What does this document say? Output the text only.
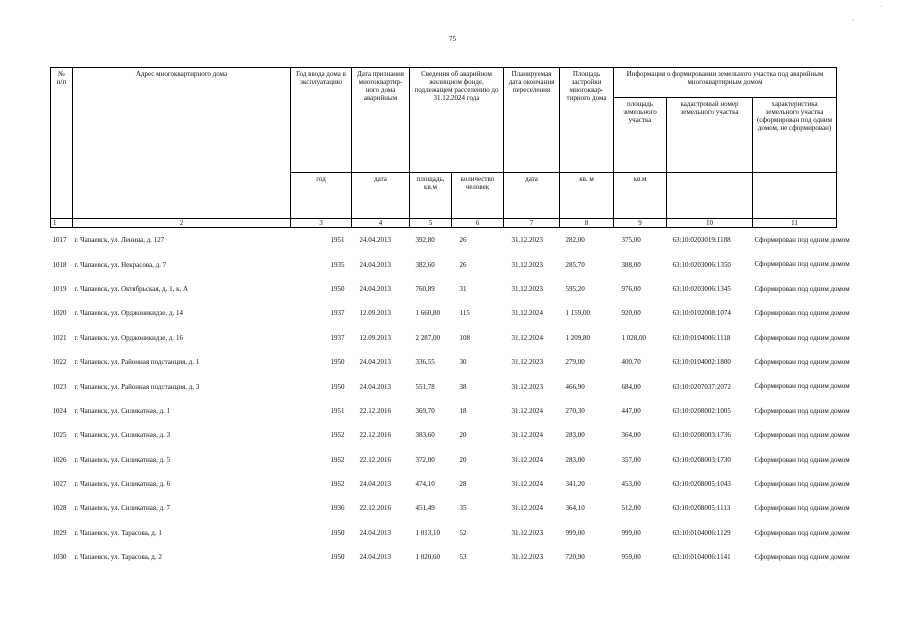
75
№
п/п	Адрес многоквартирного дома	Год ввода дома в эксплуатацию	Дата признания многоквартир-ного дома аварийным	Сведения об аварийном жилищном фонде, подлежащем расселению до 31.12.2024 года		Планируемая дата окончания переселения	Площадь застройки многоквар-тирного дома	Информация о формировании земельного участка под аварийным многоквартирным домом		
								площадь земельного участка	кадастровый номер земельного участка	характеристика земельного участка (сформирован под одним домом, не сформирован)
		год	дата	площадь, кв.м	количество человек	дата	кв. м	кв.м		
1	2	3	4	5	6	7	8	9	10	11
1017	г. Чапаевск, ул. Ленина, д. 127	1951	24.04.2013	392,80	26	31.12.2023	282,00	375,00	63:10:0203019:1188	Сформирован под одним домом
1018	г. Чапаевск, ул. Некрасова, д. 7	1935	24.04.2013	382,60	26	31.12.2023	285,70	388,00	63:10:0203006:1350	Сформирован под одним домом
1019	г. Чапаевск, ул. Октябрьская, д. 1, к. А	1950	24.04.2013	760,89	31	31.12.2023	595,20	976,00	63:10:0203006:1345	Сформирован под одним домом
1020	г. Чапаевск, ул. Орджоникидзе, д. 14	1937	12.09.2013	1 660,80	115	31.12.2024	1 159,00	920,00	63:10:0102008:1074	Сформирован под одним домом
1021	г. Чапаевск, ул. Орджоникидзе, д. 16	1937	12.09.2013	2 287,00	108	31.12.2024	1 209,80	1 028,00	63:10:0104006:1118	Сформирован под одним домом
1022	г. Чапаевск, ул. Районная подстанция, д. 1	1950	24.04.2013	336,55	30	31.12.2023	279,00	400,70	63:10:0104002:1800	Сформирован под одним домом
1023	г. Чапаевск, ул. Районная подстанция, д. 3	1950	24.04.2013	551,78	38	31.12.2023	466,90	684,00	63:10:0207037:2072	Сформирован под одним домом
1024	г. Чапаевск, ул. Силикатная, д. 1	1951	22.12.2016	369,70	18	31.12.2024	270,30	447,00	63:10:0208002:1005	Сформирован под одним домом
1025	г. Чапаевск, ул. Силикатная, д. 3	1952	22.12.2016	383,60	20	31.12.2024	283,00	364,00	63:10:0208003:1736	Сформирован под одним домом
1026	г. Чапаевск, ул. Силикатная, д. 5	1952	22.12.2016	372,00	20	31.12.2024	283,00	357,00	63:10:0208003:1730	Сформирован под одним домом
1027	г. Чапаевск, ул. Силикатная, д. 6	1952	24.04.2013	474,10	28	31.12.2024	341,20	453,00	63:10:0208005:1043	Сформирован под одним домом
1028	г. Чапаевск, ул. Силикатная, д. 7	1936	22.12.2016	451,49	35	31.12.2024	364,10	512,00	63:10:0208005:1113	Сформирован под одним домом
1029	г. Чапаевск, ул. Тарасова, д. 1	1950	24.04.2013	1 013,10	52	31.12.2023	999,00	999,00	63:10:0104006:1129	Сформирован под одним домом
1030	г. Чапаевск, ул. Тарасова, д. 2	1950	24.04.2013	1 020,60	53	31.12.2023	720,90	959,00	63:10:0104006:1141	Сформирован под одним домом
·
·
